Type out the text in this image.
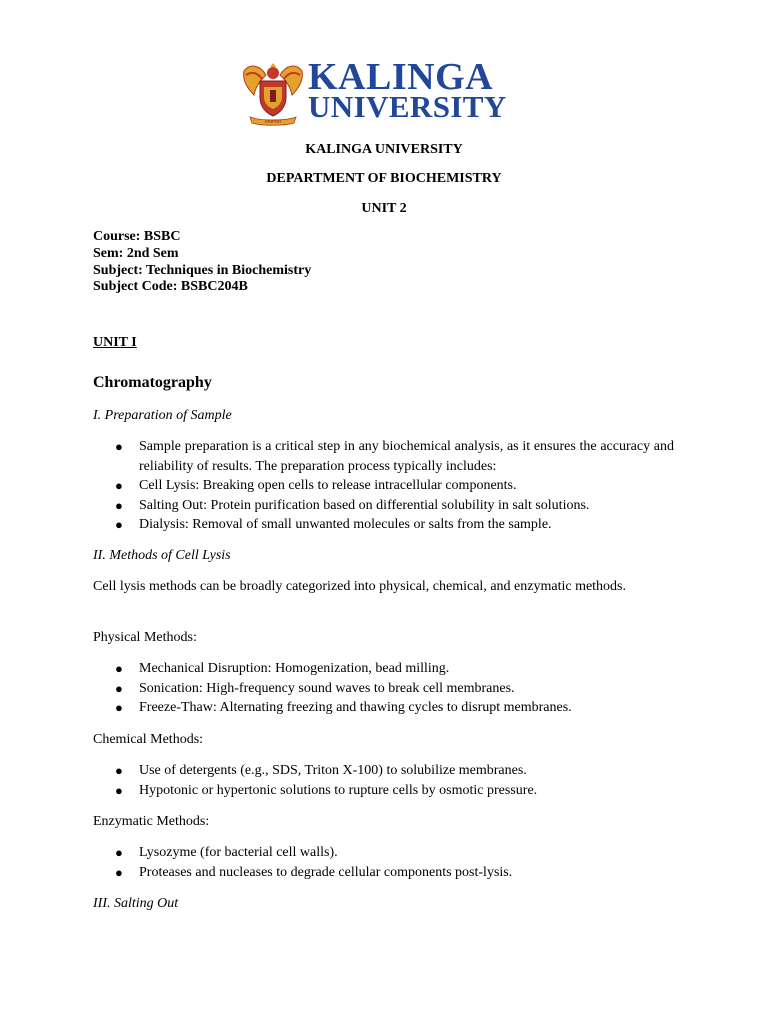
RAIPUR
KALINGA
UNIVERSITY
KALINGA UNIVERSITY
DEPARTMENT OF BIOCHEMISTRY
UNIT 2
Course: BSBC
Sem: 2nd Sem
Subject: Techniques in Biochemistry
Subject Code: BSBC204B
UNIT I
Chromatography
I. Preparation of Sample
● Sample preparation is a critical step in any biochemical analysis, as it ensures the accuracy and reliability of results. The preparation process typically includes:
● Cell Lysis: Breaking open cells to release intracellular components.
● Salting Out: Protein purification based on differential solubility in salt solutions.
● Dialysis: Removal of small unwanted molecules or salts from the sample.
II. Methods of Cell Lysis
Cell lysis methods can be broadly categorized into physical, chemical, and enzymatic methods.
Physical Methods:
● Mechanical Disruption: Homogenization, bead milling.
● Sonication: High-frequency sound waves to break cell membranes.
● Freeze-Thaw: Alternating freezing and thawing cycles to disrupt membranes.
Chemical Methods:
● Use of detergents (e.g., SDS, Triton X-100) to solubilize membranes.
● Hypotonic or hypertonic solutions to rupture cells by osmotic pressure.
Enzymatic Methods:
● Lysozyme (for bacterial cell walls).
● Proteases and nucleases to degrade cellular components post-lysis.
III. Salting Out
